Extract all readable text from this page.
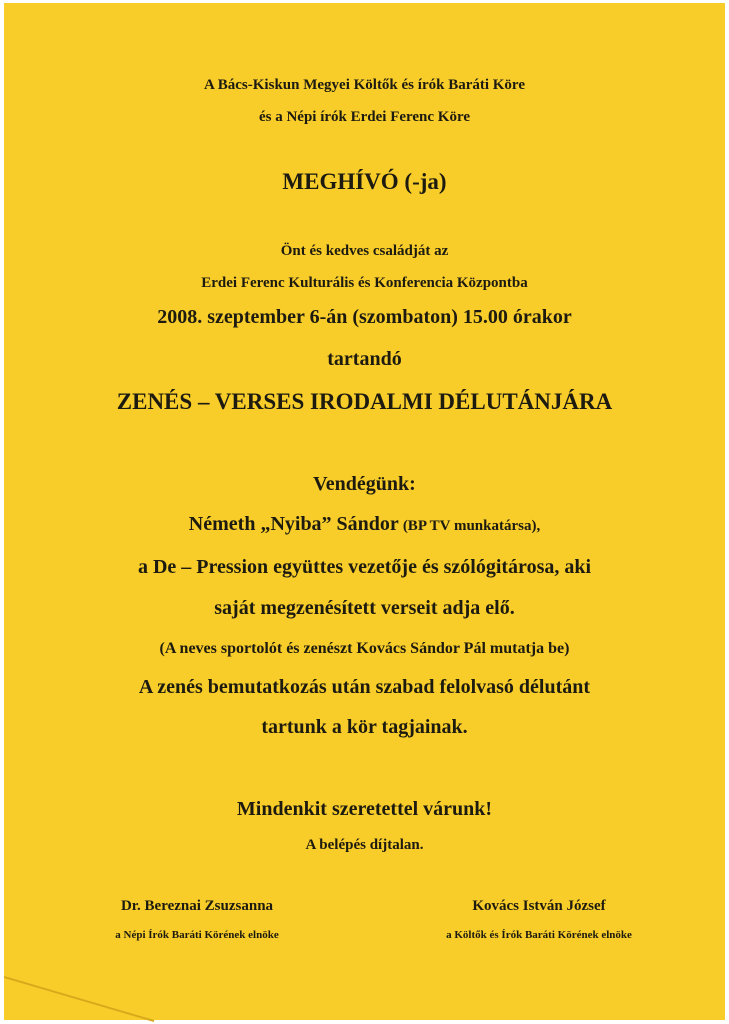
A Bács-Kiskun Megyei Költők és írók Baráti Köre
és a Népi írók Erdei Ferenc Köre
MEGHÍVÓ (-ja)
Önt és kedves családját az
Erdei Ferenc Kulturális és Konferencia Központba
2008. szeptember 6-án (szombaton) 15.00 órakor
tartandó
ZENÉS – VERSES IRODALMI DÉLUTÁNJÁRA
Vendégünk:
Németh „Nyiba” Sándor (BP TV munkatársa),
a De – Pression együttes vezetője és szólógitárosa, aki
saját megzenésített verseit adja elő.
(A neves sportolót és zenészt Kovács Sándor Pál mutatja be)
A zenés bemutatkozás után szabad felolvasó délutánt
tartunk a kör tagjainak.
Mindenkit szeretettel várunk!
A belépés díjtalan.
Dr. Bereznai Zsuzsanna
a Népi Írók Baráti Körének elnöke
Kovács István József
a Költők és Írók Baráti Körének elnöke
